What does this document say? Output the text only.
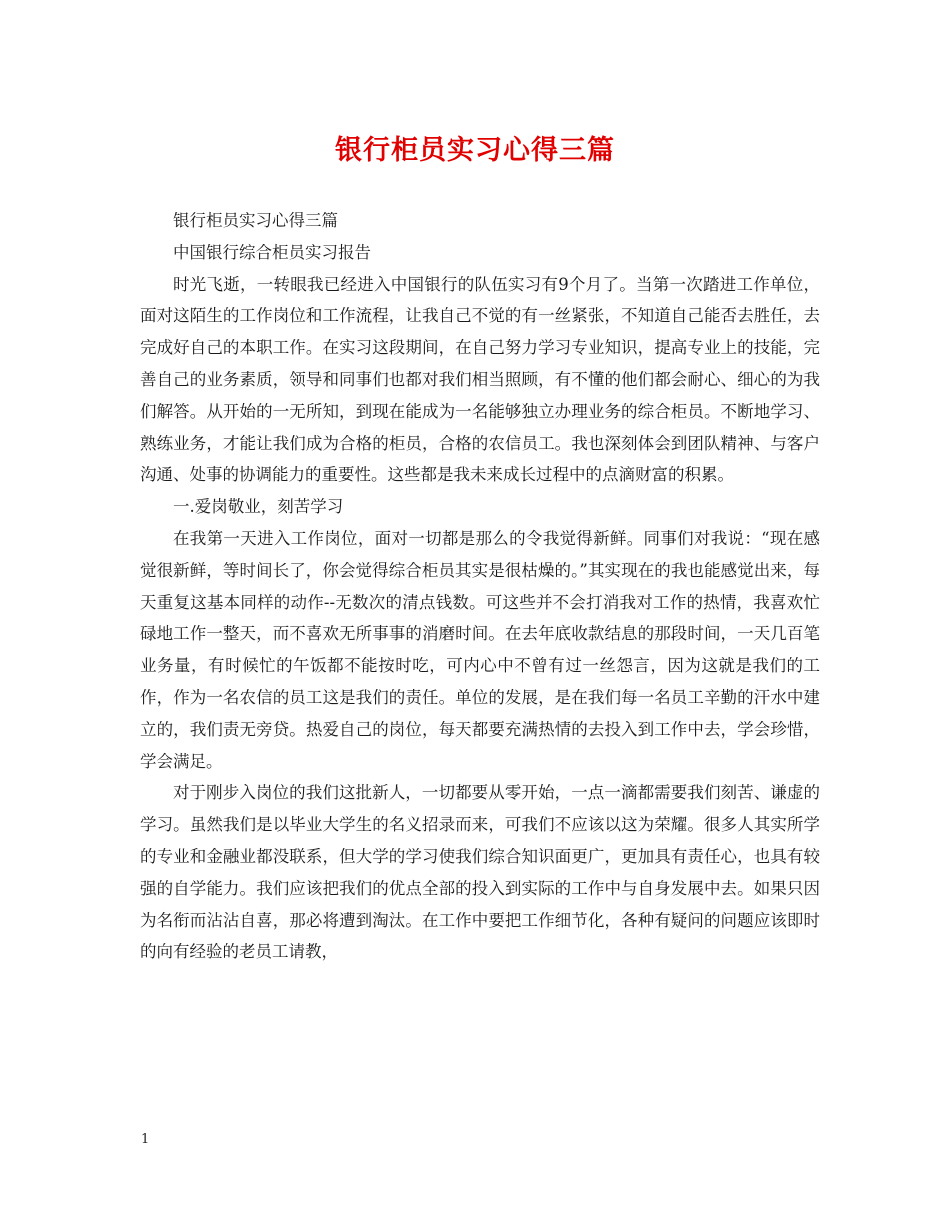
银行柜员实习心得三篇

银行柜员实习心得三篇

中国银行综合柜员实习报告

时光飞逝，一转眼我已经进入中国银行的队伍实习有9个月了。当第一次踏进工作单位，面对这陌生的工作岗位和工作流程，让我自己不觉的有一丝紧张，不知道自己能否去胜任，去完成好自己的本职工作。在实习这段期间，在自己努力学习专业知识，提高专业上的技能，完善自己的业务素质，领导和同事们也都对我们相当照顾，有不懂的他们都会耐心、细心的为我们解答。从开始的一无所知，到现在能成为一名能够独立办理业务的综合柜员。不断地学习、熟练业务，才能让我们成为合格的柜员，合格的农信员工。我也深刻体会到团队精神、与客户沟通、处事的协调能力的重要性。这些都是我未来成长过程中的点滴财富的积累。

一.爱岗敬业，刻苦学习

在我第一天进入工作岗位，面对一切都是那么的令我觉得新鲜。同事们对我说：“现在感觉很新鲜，等时间长了，你会觉得综合柜员其实是很枯燥的。”其实现在的我也能感觉出来，每天重复这基本同样的动作--无数次的清点钱数。可这些并不会打消我对工作的热情，我喜欢忙碌地工作一整天，而不喜欢无所事事的消磨时间。在去年底收款结息的那段时间，一天几百笔业务量，有时候忙的午饭都不能按时吃，可内心中不曾有过一丝怨言，因为这就是我们的工作，作为一名农信的员工这是我们的责任。单位的发展，是在我们每一名员工辛勤的汗水中建立的，我们责无旁贷。热爱自己的岗位，每天都要充满热情的去投入到工作中去，学会珍惜，学会满足。

对于刚步入岗位的我们这批新人，一切都要从零开始，一点一滴都需要我们刻苦、谦虚的学习。虽然我们是以毕业大学生的名义招录而来，可我们不应该以这为荣耀。很多人其实所学的专业和金融业都没联系，但大学的学习使我们综合知识面更广，更加具有责任心，也具有较强的自学能力。我们应该把我们的优点全部的投入到实际的工作中与自身发展中去。如果只因为名衔而沾沾自喜，那必将遭到淘汰。在工作中要把工作细节化，各种有疑问的问题应该即时的向有经验的老员工请教，

1
